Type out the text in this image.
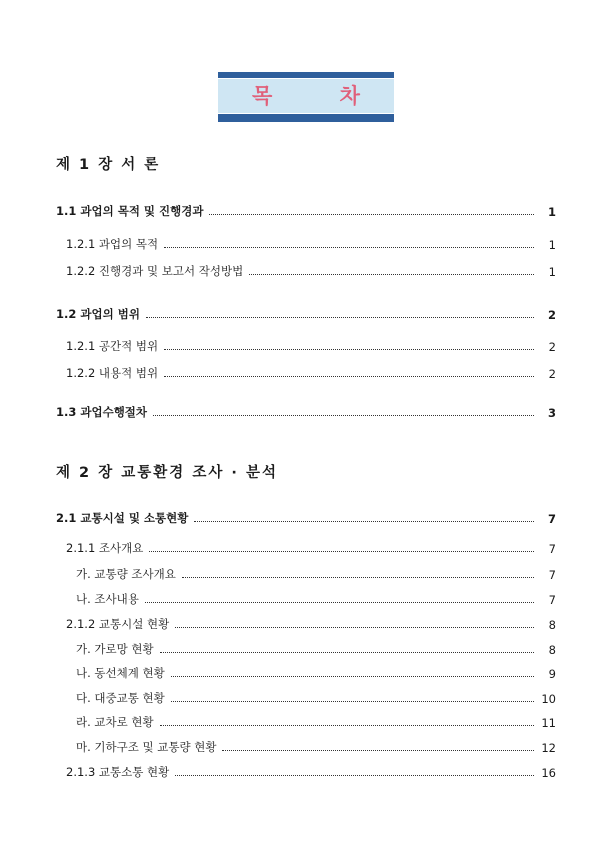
목 차
제 1 장 서 론
1.1 과업의 목적 및 진행경과	1
1.2.1 과업의 목적	1
1.2.2 진행경과 및 보고서 작성방법	1
1.2 과업의 범위	2
1.2.1 공간적 범위	2
1.2.2 내용적 범위	2
1.3 과업수행절차	3
제 2 장 교통환경 조사 · 분석
2.1 교통시설 및 소통현황	7
2.1.1 조사개요	7
가. 교통량 조사개요	7
나. 조사내용	7
2.1.2 교통시설 현황	8
가. 가로망 현황	8
나. 동선체계 현황	9
다. 대중교통 현황	10
라. 교차로 현황	11
마. 기하구조 및 교통량 현황	12
2.1.3 교통소통 현황	16
